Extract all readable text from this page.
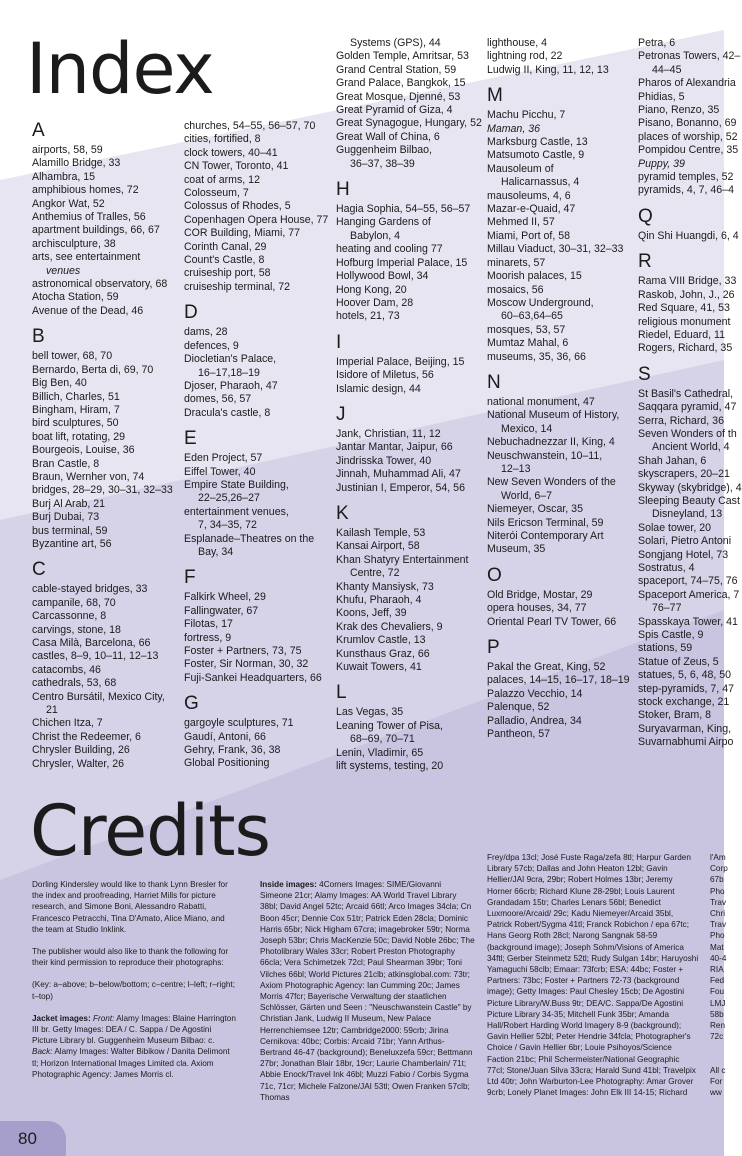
Index
A
airports, 58, 59
Alamillo Bridge, 33
Alhambra, 15
amphibious homes, 72
Angkor Wat, 52
Anthemius of Tralles, 56
apartment buildings, 66, 67
archisculpture, 38
arts, see entertainment
venues
astronomical observatory, 68
Atocha Station, 59
Avenue of the Dead, 46
B
bell tower, 68, 70
Bernardo, Berta di, 69, 70
Big Ben, 40
Billich, Charles, 51
Bingham, Hiram, 7
bird sculptures, 50
boat lift, rotating, 29
Bourgeois, Louise, 36
Bran Castle, 8
Braun, Wernher von, 74
bridges, 28–29, 30–31, 32–33
Burj Al Arab, 21
Burj Dubai, 73
bus terminal, 59
Byzantine art, 56
C
cable-stayed bridges, 33
campanile, 68, 70
Carcassonne, 8
carvings, stone, 18
Casa Milà, Barcelona, 66
castles, 8–9, 10–11, 12–13
catacombs, 46
cathedrals, 53, 68
Centro Bursátil, Mexico City,
21
Chichen Itza, 7
Christ the Redeemer, 6
Chrysler Building, 26
Chrysler, Walter, 26
churches, 54–55, 56–57, 70
cities, fortified, 8
clock towers, 40–41
CN Tower, Toronto, 41
coat of arms, 12
Colosseum, 7
Colossus of Rhodes, 5
Copenhagen Opera House, 77
COR Building, Miami, 77
Corinth Canal, 29
Count's Castle, 8
cruiseship port, 58
cruiseship terminal, 72
D
dams, 28
defences, 9
Diocletian's Palace,
16–17,18–19
Djoser, Pharaoh, 47
domes, 56, 57
Dracula's castle, 8
E
Eden Project, 57
Eiffel Tower, 40
Empire State Building,
22–25,26–27
entertainment venues,
7, 34–35, 72
Esplanade–Theatres on the
Bay, 34
F
Falkirk Wheel, 29
Fallingwater, 67
Filotas, 17
fortress, 9
Foster + Partners, 73, 75
Foster, Sir Norman, 30, 32
Fuji-Sankei Headquarters, 66
G
gargoyle sculptures, 71
Gaudí, Antoni, 66
Gehry, Frank, 36, 38
Global Positioning
Systems (GPS), 44
Golden Temple, Amritsar, 53
Grand Central Station, 59
Grand Palace, Bangkok, 15
Great Mosque, Djenné, 53
Great Pyramid of Giza, 4
Great Synagogue, Hungary, 52
Great Wall of China, 6
Guggenheim Bilbao,
36–37, 38–39
H
Hagia Sophia, 54–55, 56–57
Hanging Gardens of
Babylon, 4
heating and cooling 77
Hofburg Imperial Palace, 15
Hollywood Bowl, 34
Hong Kong, 20
Hoover Dam, 28
hotels, 21, 73
I
Imperial Palace, Beijing, 15
Isidore of Miletus, 56
Islamic design, 44
J
Jank, Christian, 11, 12
Jantar Mantar, Jaipur, 66
Jindrisska Tower, 40
Jinnah, Muhammad Ali, 47
Justinian I, Emperor, 54, 56
K
Kailash Temple, 53
Kansai Airport, 58
Khan Shatyry Entertainment
Centre, 72
Khanty Mansiysk, 73
Khufu, Pharaoh, 4
Koons, Jeff, 39
Krak des Chevaliers, 9
Krumlov Castle, 13
Kunsthaus Graz, 66
Kuwait Towers, 41
L
Las Vegas, 35
Leaning Tower of Pisa,
68–69, 70–71
Lenin, Vladimir, 65
lift systems, testing, 20
lighthouse, 4
lightning rod, 22
Ludwig II, King, 11, 12, 13
M
Machu Picchu, 7
Maman, 36
Marksburg Castle, 13
Matsumoto Castle, 9
Mausoleum of
Halicarnassus, 4
mausoleums, 4, 6
Mazar-e-Quaid, 47
Mehmed II, 57
Miami, Port of, 58
Millau Viaduct, 30–31, 32–33
minarets, 57
Moorish palaces, 15
mosaics, 56
Moscow Underground,
60–63,64–65
mosques, 53, 57
Mumtaz Mahal, 6
museums, 35, 36, 66
N
national monument, 47
National Museum of History,
Mexico, 14
Nebuchadnezzar II, King, 4
Neuschwanstein, 10–11,
12–13
New Seven Wonders of the
World, 6–7
Niemeyer, Oscar, 35
Nils Ericson Terminal, 59
Niterói Contemporary Art
Museum, 35
O
Old Bridge, Mostar, 29
opera houses, 34, 77
Oriental Pearl TV Tower, 66
P
Pakal the Great, King, 52
palaces, 14–15, 16–17, 18–19
Palazzo Vecchio, 14
Palenque, 52
Palladio, Andrea, 34
Pantheon, 57
Petra, 6
Petronas Towers, 42–
44–45
Pharos of Alexandria
Phidias, 5
Piano, Renzo, 35
Pisano, Bonanno, 69
places of worship, 52
Pompidou Centre, 35
Puppy, 39
pyramid temples, 52
pyramids, 4, 7, 46–4
Q
Qin Shi Huangdi, 6, 4
R
Rama VIII Bridge, 33
Raskob, John, J., 26
Red Square, 41, 53
religious monument
Riedel, Eduard, 11
Rogers, Richard, 35
S
St Basil's Cathedral,
Saqqara pyramid, 47
Serra, Richard, 36
Seven Wonders of th
Ancient World, 4
Shah Jahan, 6
skyscrapers, 20–21
Skyway (skybridge), 4
Sleeping Beauty Cast
Disneyland, 13
Solae tower, 20
Solari, Pietro Antoni
Songjang Hotel, 73
Sostratus, 4
spaceport, 74–75, 76
Spaceport America, 7
76–77
Spasskaya Tower, 41
Spis Castle, 9
stations, 59
Statue of Zeus, 5
statues, 5, 6, 48, 50
step-pyramids, 7, 47
stock exchange, 21
Stoker, Bram, 8
Suryavarman, King,
Suvarnabhumi Airpo
Credits

Dorling Kindersley would like to thank Lynn Bresler for the index and proofreading, Harriet Mills for picture research, and Simone Boni, Alessandro Rabatti, Francesco Petracchi, Tina D'Amato, Alice Miano, and the team at Studio Inklink.

The publisher would also like to thank the following for their kind permission to reproduce their photographs:

(Key: a–above; b–below/bottom; c–centre; l–left; r–right; t–top)

Jacket images: Front: Alamy Images: Blaine Harrington III br. Getty Images: DEA / C. Sappa / De Agostini Picture Library bl. Guggenheim Museum Bilbao: c. Back: Alamy Images: Walter Bibikow / Danita Delimont tl; Horizon International Images Limited cla. Axiom Photographic Agency: James Morris cl.

Inside images: 4Corners Images: SIME/Giovanni Simeone 21cr; Alamy Images: AA World Travel Library 38bl; David Angel 52tc; Arcaid 66tl; Arco Images 34cla; Cn Boon 45cr; Dennie Cox 51tr; Patrick Eden 28cla; Dominic Harris 65br; Nick Higham 67cra; imagebroker 59tr; Norma Joseph 53br; Chris MacKenzie 50c; David Noble 26bc; The Photolibrary Wales 33cr; Robert Preston Photography 66cla; Vera Schimetzek 72cl; Paul Shearman 39br; Toni Vilches 66bl; World Pictures 21clb; atkinsglobal.com: 73tr; Axiom Photographic Agency: Ian Cumming 20c; James Morris 47fcr; Bayerische Verwaltung der staatlichen Schlösser, Gärten und Seen : "Neuschwanstein Castle" by Christian Jank, Ludwig II Museum, New Palace Herrenchiemsee 12tr; Cambridge2000: 59crb; Jirina Cernikova: 40bc; Corbis: Arcaid 71br; Yann Arthus-Bertrand 46-47 (background); Beneluxzefa 59cr; Bettmann 27br; Jonathan Blair 18br, 19cr; Laurie Chamberlain/ 71t; Abbie Enock/Travel Ink 46bl; Muzzi Fabio / Corbis Sygma 71c, 71cr; Michele Falzone/JAI 53tl; Owen Franken 57clb; Thomas
Frey/dpa 13cl; José Fuste Raga/zefa 8tl; Harpur Garden Library 57cb; Dallas and John Heaton 12bl; Gavin Hellier/JAI 9cra, 29br; Robert Holmes 13br; Jeremy Horner 66crb; Richard Klune 28-29bl; Louis Laurent Grandadam 15tr; Charles Lenars 56bl; Benedict Luxmoore/Arcaid/ 29c; Kadu Niemeyer/Arcaid 35bl, Patrick Robert/Sygma 41tl; Franck Robichon / epa 67tc; Hans Georg Roth 28cl; Narong Sangnak 58-59 (background image); Joseph Sohm/Visions of America 34ftl; Gerber Steinmetz 52tl; Rudy Sulgan 14br; Haruyoshi Yamaguchi 58clb; Emaar: 73fcrb; ESA: 44bc; Foster + Partners: 73bc; Foster + Partners 72-73 (background image); Getty Images: Paul Chesley 15cb; De Agostini Picture Library/W.Buss 9tr; DEA/C. Sappa/De Agostini Picture Library 34-35; Mitchell Funk 35br; Amanda Hall/Robert Harding World Imagery 8-9 (background); Gavin Hellier 52bl; Peter Hendrie 34fcla; Photographer's Choice / Gavin Hellier 6br; Louie Psihoyos/Science Faction 21bc; Phil Schermeister/National Geographic 77cl; Stone/Juan Silva 33cra; Harald Sund 41bl; Travelpix Ltd 40tr; John Warburton-Lee Photography: Amar Grover 9crb; Lonely Planet Images: John Elk III 14-15; Richard
l'Am
Corp
67b
Pho
Trav
Chri
Trav
Pho
Mat
40-4
RIA
Fed
Fou
LMJ
58b
Ren
72c
All c
For
ww
80
